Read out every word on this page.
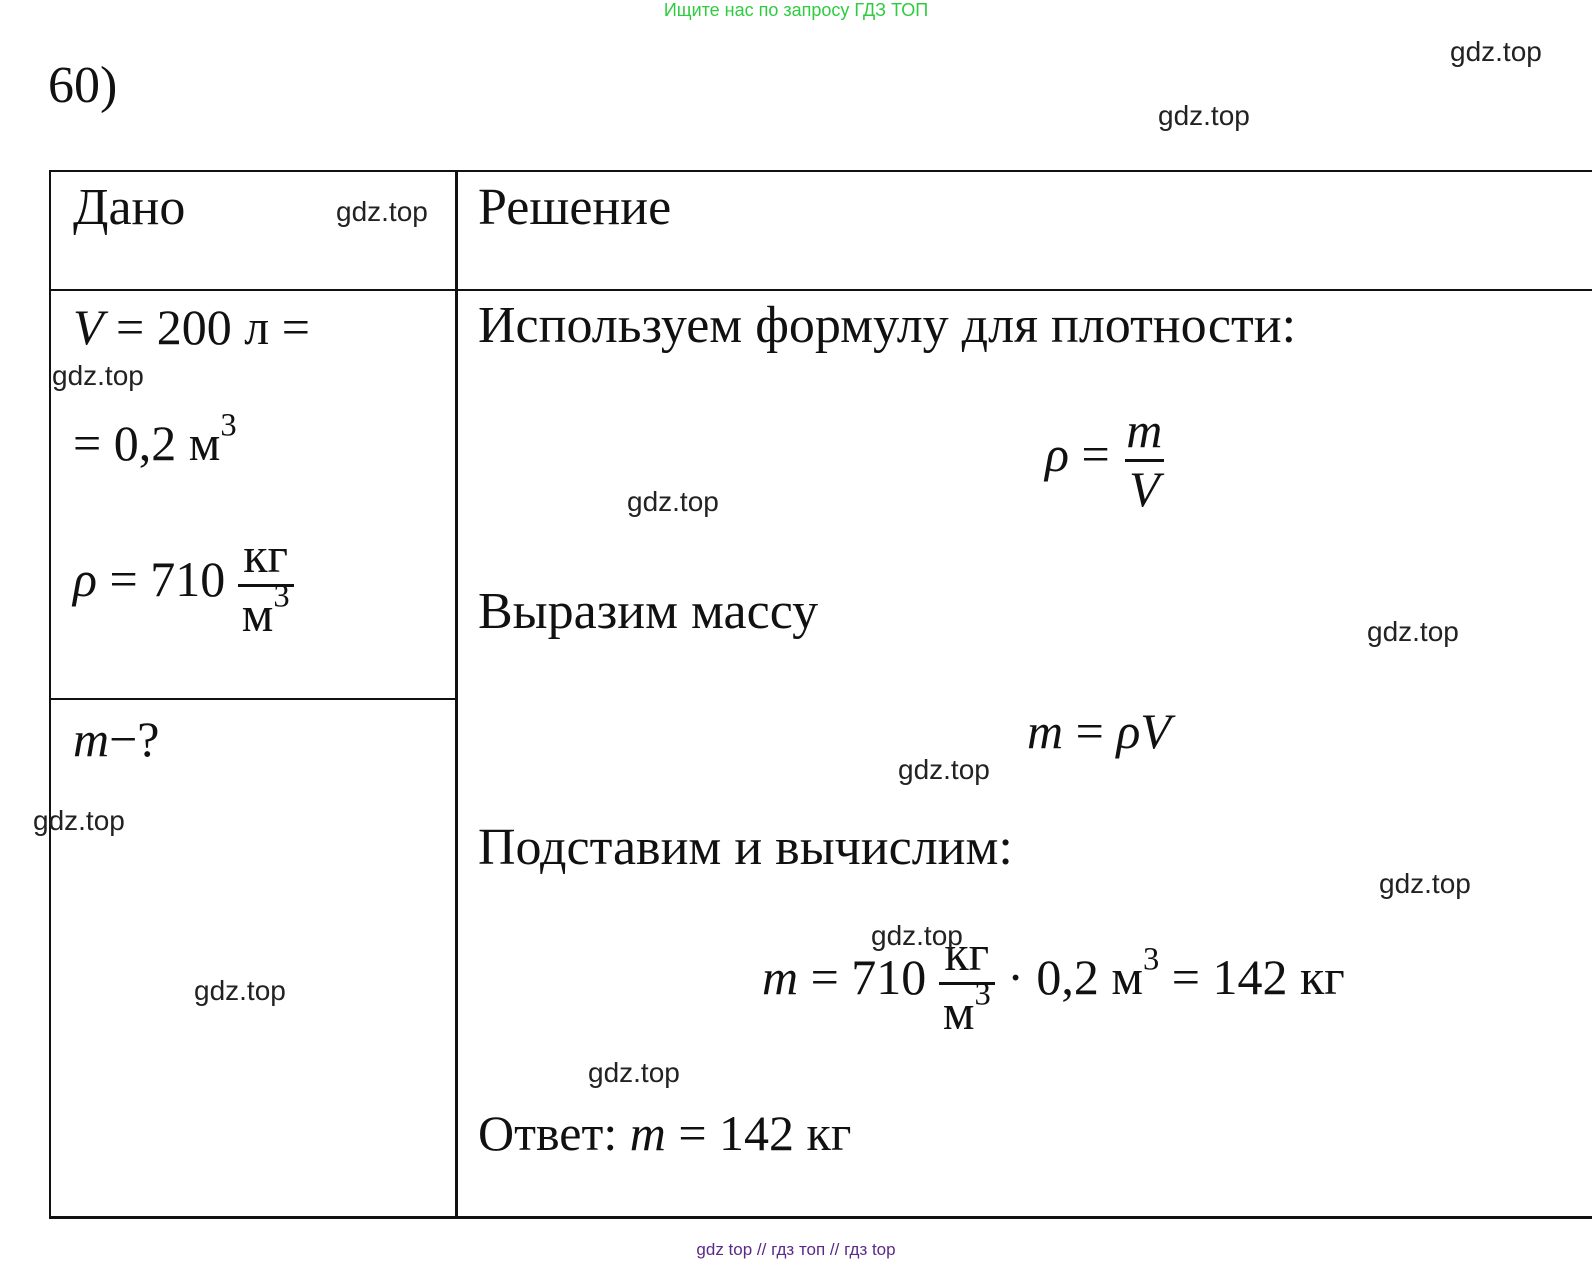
Ищите нас по запросу ГДЗ ТОП
gdz top // гдз топ // гдз top
60)
Дано	Решение
V = 200 л =
= 0,2 $м^3$
$\rho = 710 \frac{кг}{м^3}$
m−?
Используем формулу для плотности:
$\rho = \frac{m}{V}$
Выразим массу
m = ρV
Подставим и вычислим:
$m = 710 \frac{кг}{м^3} \cdot 0,2$ $м^3 = 142$ кг
Ответ: m = 142 кг
gdz.top
gdz.top
gdz.top
gdz.top
gdz.top
gdz.top
gdz.top
gdz.top
gdz.top
gdz.top
gdz.top
gdz.top
